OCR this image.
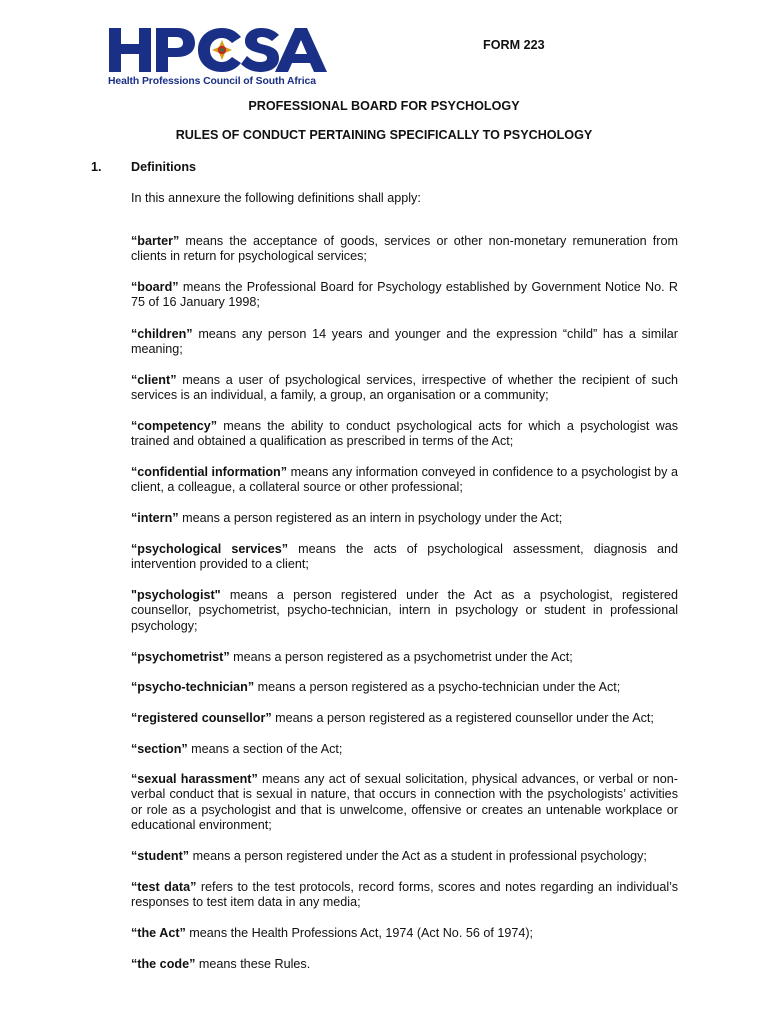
Health Professions Council of South Africa
FORM 223
PROFESSIONAL BOARD FOR PSYCHOLOGY
RULES OF CONDUCT PERTAINING SPECIFICALLY TO PSYCHOLOGY
1. Definitions
In this annexure the following definitions shall apply:

“barter” means the acceptance of goods, services or other non-monetary remuneration from clients in return for psychological services;

“board” means the Professional Board for Psychology established by Government Notice No. R 75 of 16 January 1998;

“children” means any person 14 years and younger and the expression “child” has a similar meaning;

“client” means a user of psychological services, irrespective of whether the recipient of such services is an individual, a family, a group, an organisation or a community;

“competency” means the ability to conduct psychological acts for which a psychologist was trained and obtained a qualification as prescribed in terms of the Act;

“confidential information” means any information conveyed in confidence to a psychologist by a client, a colleague, a collateral source or other professional;

“intern” means a person registered as an intern in psychology under the Act;

“psychological services” means the acts of psychological assessment, diagnosis and intervention provided to a client;

"psychologist" means a person registered under the Act as a psychologist, registered counsellor, psychometrist, psycho-technician, intern in psychology or student in professional psychology;

“psychometrist” means a person registered as a psychometrist under the Act;

“psycho-technician” means a person registered as a psycho-technician under the Act;

“registered counsellor” means a person registered as a registered counsellor under the Act;

“section” means a section of the Act;

“sexual harassment” means any act of sexual solicitation, physical advances, or verbal or non-verbal conduct that is sexual in nature, that occurs in connection with the psychologists’ activities or role as a psychologist and that is unwelcome, offensive or creates an untenable workplace or educational environment;

“student” means a person registered under the Act as a student in professional psychology;

“test data” refers to the test protocols, record forms, scores and notes regarding an individual’s responses to test item data in any media;

“the Act” means the Health Professions Act, 1974 (Act No. 56 of 1974);

“the code” means these Rules.
